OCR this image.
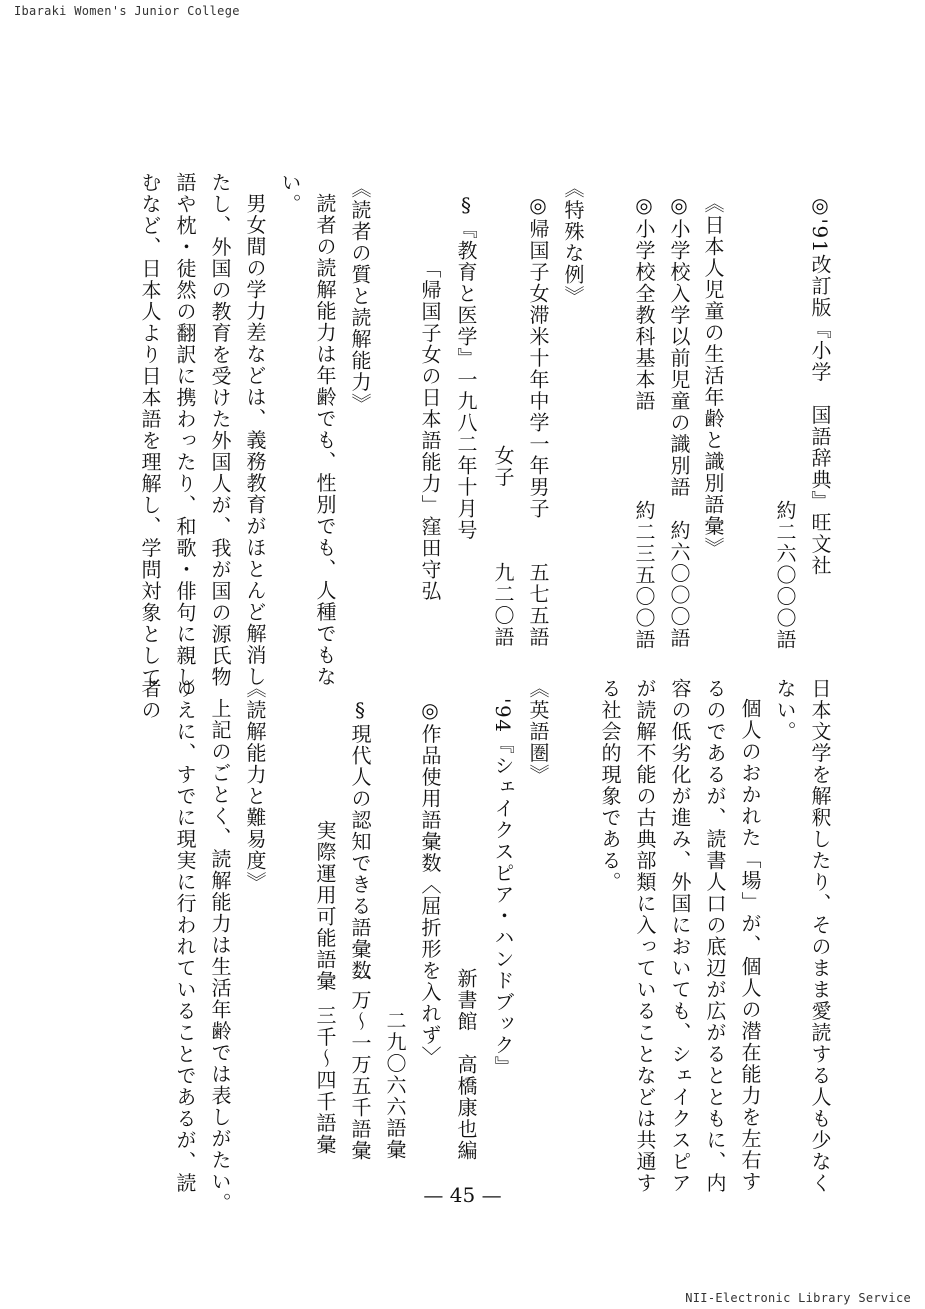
Ibaraki Women's Junior College
◎'91改訂版『小学　国語辞典』旺文社
約二六〇〇〇語
《日本人児童の生活年齢と識別語彙》
◎小学校入学以前児童の識別語
約六〇〇〇語
◎小学校全教科基本語
約二三五〇〇語
《特殊な例》
◎帰国子女滞米十年中学一年男子
五七五語
女子
九二〇語
§『教育と医学』一九八二年十月号
「帰国子女の日本語能力」窪田守弘
《読者の質と読解能力》
読者の読解能力は年齢でも、性別でも、人種でもな
い。
男女間の学力差などは、義務教育がほとんど解消し
たし、外国の教育を受けた外国人が、我が国の源氏物
語や枕・徒然の翻訳に携わったり、和歌・俳句に親し
むなど、日本人より日本語を理解し、学問対象として
日本文学を解釈したり、そのまま愛読する人も少なく
ない。
個人のおかれた「場」が、個人の潜在能力を左右す
るのであるが、読書人口の底辺が広がるとともに、内
容の低劣化が進み、外国においても、シェイクスピア
が読解不能の古典部類に入っていることなどは共通す
る社会的現象である。
《英語圏》
'94『シェイクスピア・ハンドブック』
新書館　高橋康也編
◎作品使用語彙数〈屈折形を入れず〉
二九〇六六語彙
§現代人の認知できる語彙数
一万～一万五千語彙
実際運用可能語彙
三千～四千語彙
《読解能力と難易度》
上記のごとく、読解能力は生活年齢では表しがたい。
ゆえに、すでに現実に行われていることであるが、読
者の
— 45 —
NII-Electronic Library Service
